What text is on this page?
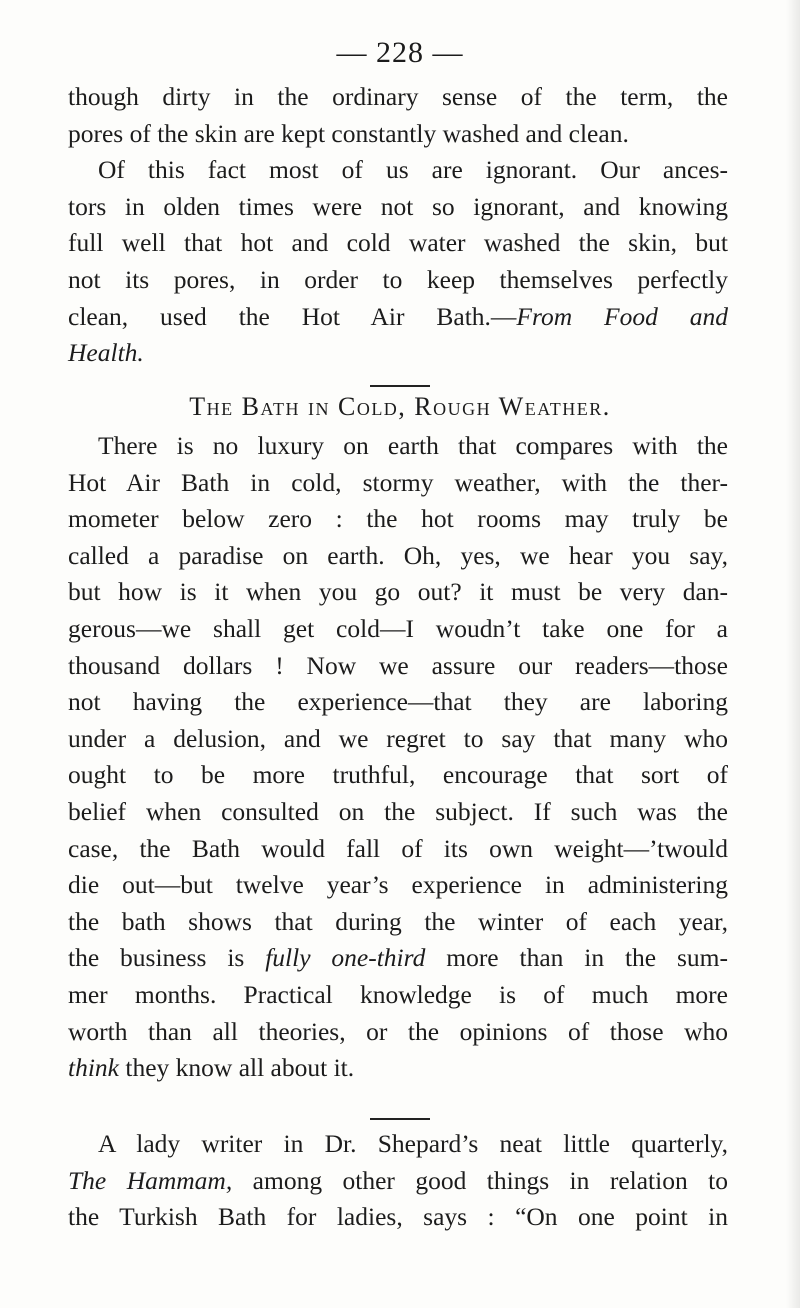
— 228 —
though dirty in the ordinary sense of the term, the
pores of the skin are kept constantly washed and clean.
Of this fact most of us are ignorant. Our ances-
tors in olden times were not so ignorant, and knowing
full well that hot and cold water washed the skin, but
not its pores, in order to keep themselves perfectly
clean, used the Hot Air Bath.—From Food and
Health.
The Bath in Cold, Rough Weather.
There is no luxury on earth that compares with the
Hot Air Bath in cold, stormy weather, with the ther-
mometer below zero : the hot rooms may truly be
called a paradise on earth. Oh, yes, we hear you say,
but how is it when you go out? it must be very dan-
gerous—we shall get cold—I woudn’t take one for a
thousand dollars ! Now we assure our readers—those
not having the experience—that they are laboring
under a delusion, and we regret to say that many who
ought to be more truthful, encourage that sort of
belief when consulted on the subject. If such was the
case, the Bath would fall of its own weight—’twould
die out—but twelve year’s experience in administering
the bath shows that during the winter of each year,
the business is fully one-third more than in the sum-
mer months. Practical knowledge is of much more
worth than all theories, or the opinions of those who
think they know all about it.
A lady writer in Dr. Shepard’s neat little quarterly,
The Hammam, among other good things in relation to
the Turkish Bath for ladies, says : “On one point in
